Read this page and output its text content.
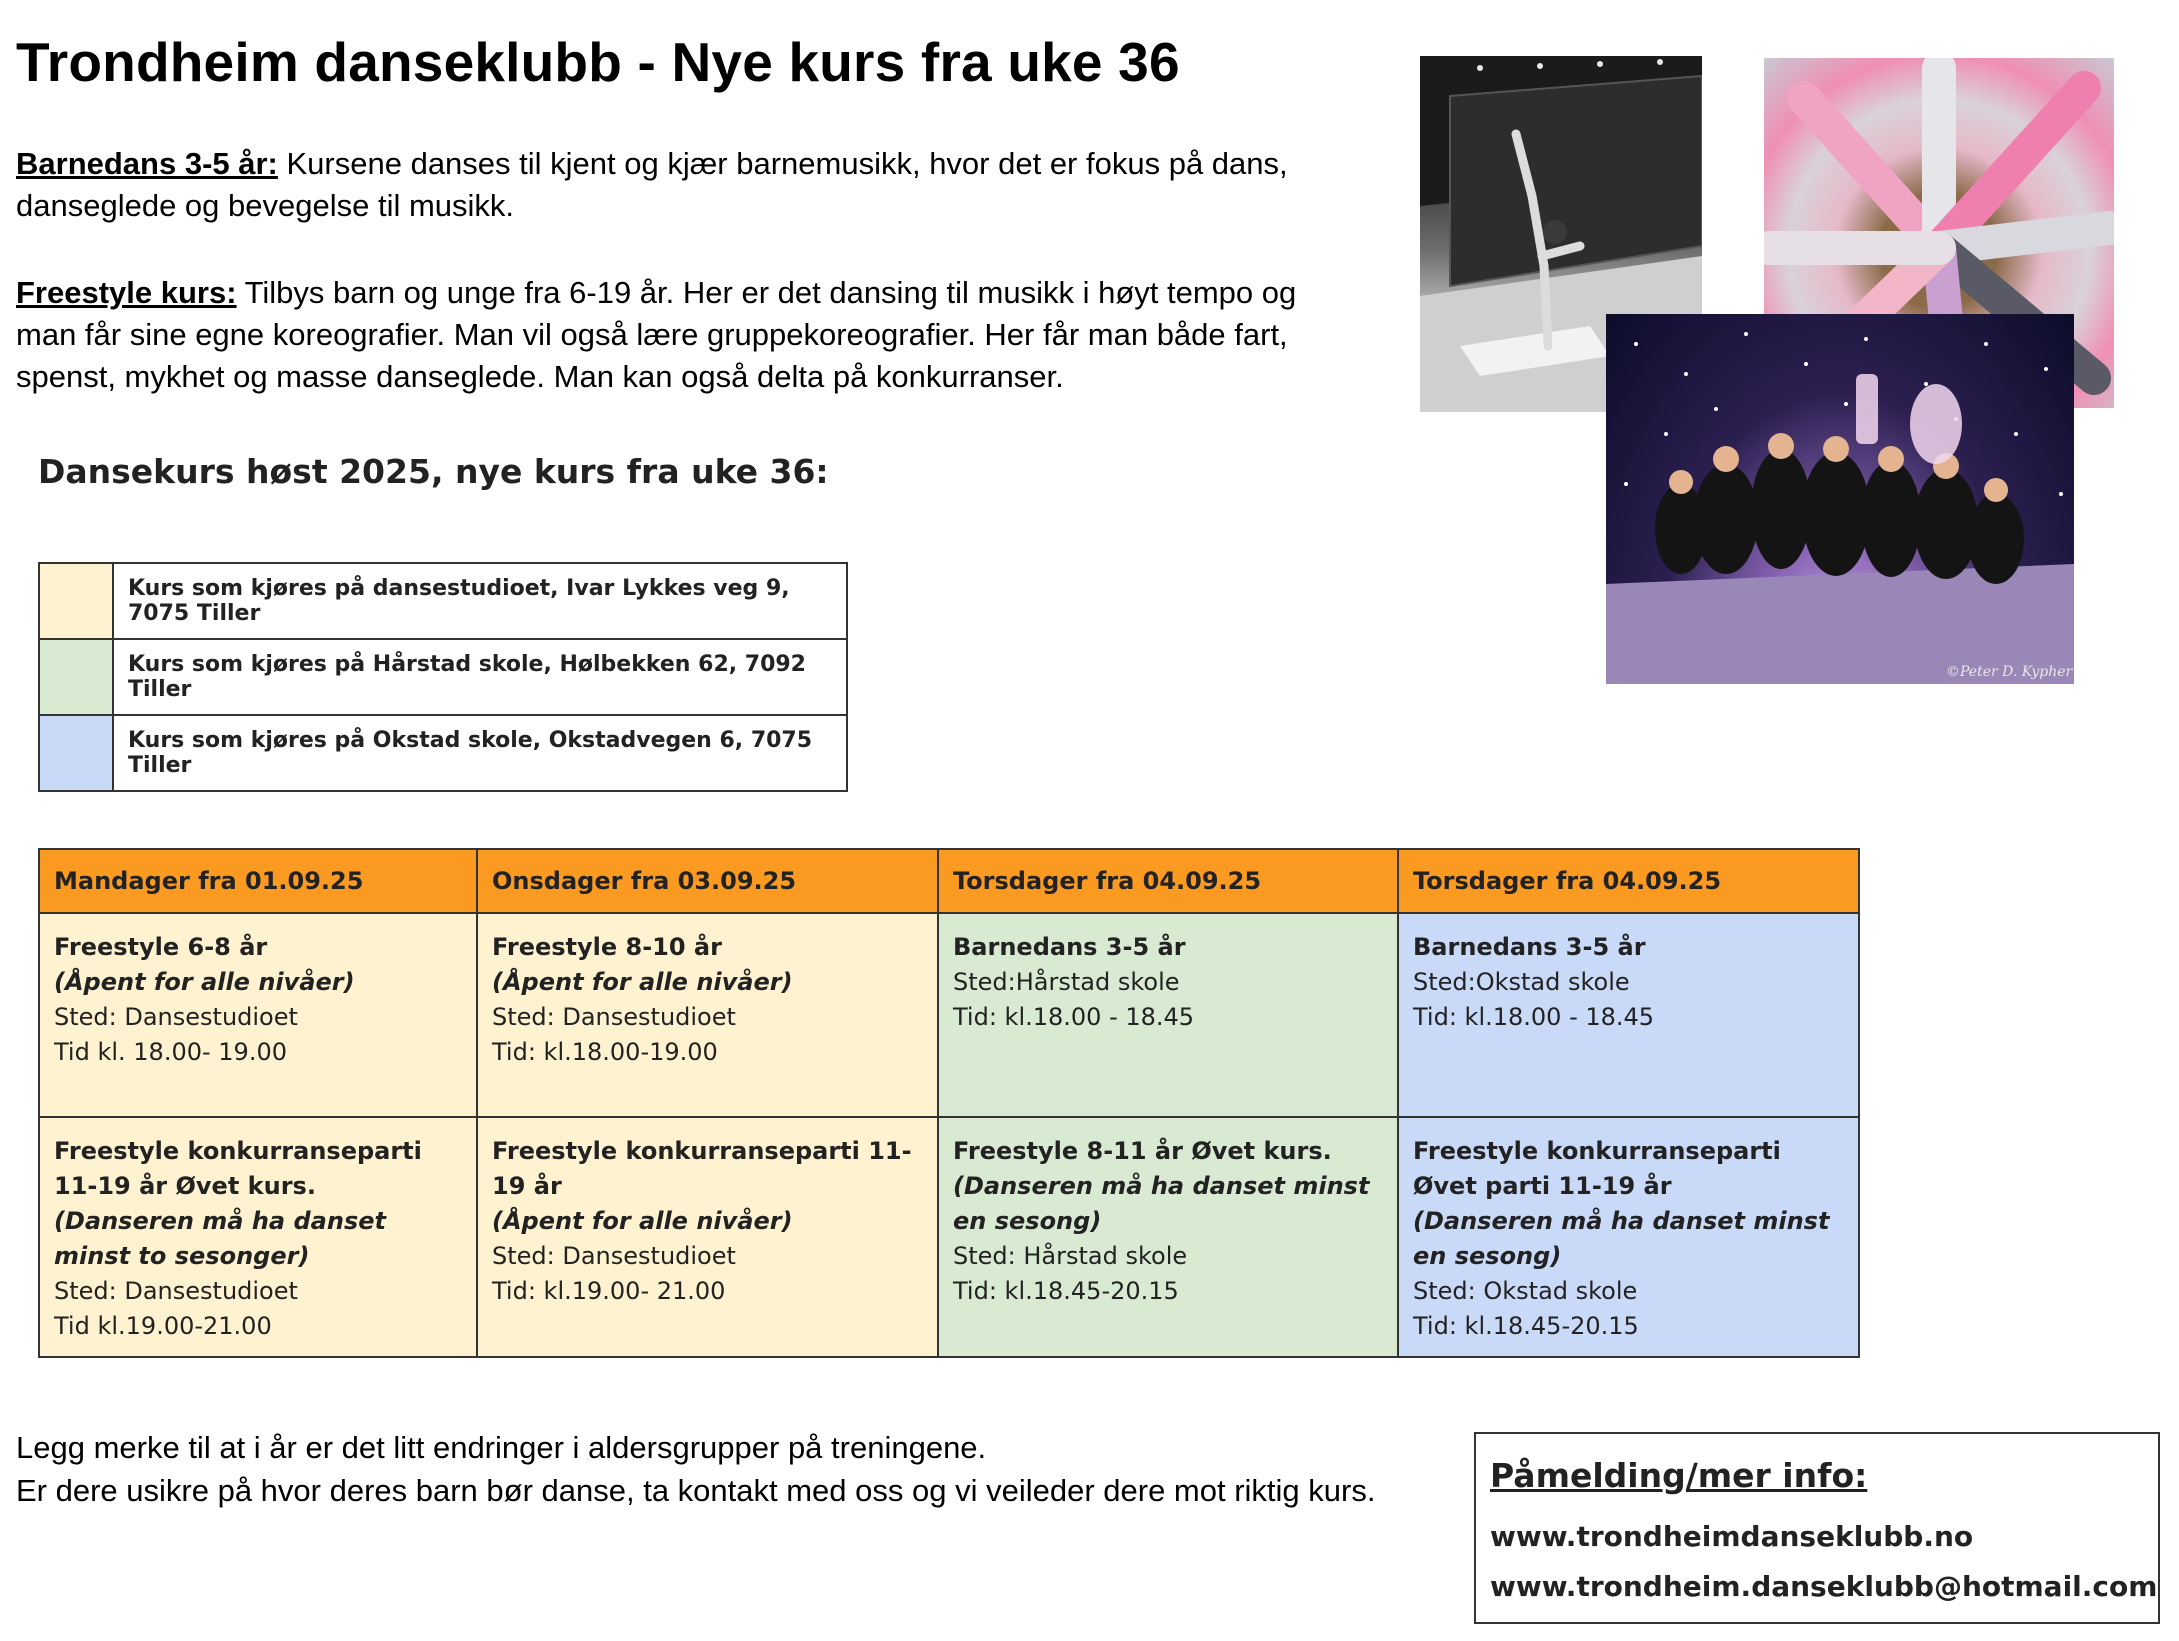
Trondheim danseklubb - Nye kurs fra uke 36
Barnedans 3-5 år: Kursene danses til kjent og kjær barnemusikk, hvor det er fokus på dans, danseglede og bevegelse til musikk.
Freestyle kurs: Tilbys barn og unge fra 6-19 år. Her er det dansing til musikk i høyt tempo og man får sine egne koreografier. Man vil også lære gruppekoreografier. Her får man både fart, spenst, mykhet og masse danseglede. Man kan også delta på konkurranser.
©Peter D. Kypher
Dansekurs høst 2025, nye kurs fra uke 36:
	Kurs som kjøres på dansestudioet, Ivar Lykkes veg 9, 7075 Tiller
	Kurs som kjøres på Hårstad skole, Hølbekken 62, 7092 Tiller
	Kurs som kjøres på Okstad skole, Okstadvegen 6, 7075 Tiller
Mandager fra 01.09.25	Onsdager fra 03.09.25	Torsdager fra 04.09.25	Torsdager fra 04.09.25

Freestyle 6-8 år
(Åpent for alle nivåer)
Sted: Dansestudioet
Tid kl. 18.00- 19.00	Freestyle 8-10 år
(Åpent for alle nivåer)
Sted: Dansestudioet
Tid: kl.18.00-19.00	Barnedans 3-5 år
Sted:Hårstad skole
Tid: kl.18.00 - 18.45	Barnedans 3-5 år
Sted:Okstad skole
Tid: kl.18.00 - 18.45

Freestyle konkurranseparti 11-19 år Øvet kurs.
(Danseren må ha danset minst to sesonger)
Sted: Dansestudioet
Tid kl.19.00-21.00	Freestyle konkurranseparti 11-19 år
(Åpent for alle nivåer)
Sted: Dansestudioet
Tid: kl.19.00- 21.00	Freestyle 8-11 år Øvet kurs.
(Danseren må ha danset minst en sesong)
Sted: Hårstad skole
Tid: kl.18.45-20.15	Freestyle konkurranseparti Øvet parti 11-19 år
(Danseren må ha danset minst en sesong)
Sted: Okstad skole
Tid: kl.18.45-20.15
Legg merke til at i år er det litt endringer i aldersgrupper på treningene.
Er dere usikre på hvor deres barn bør danse, ta kontakt med oss og vi veileder dere mot riktig kurs.	Påmelding/mer info:
www.trondheimdanseklubb.no
www.trondheim.danseklubb@hotmail.com
